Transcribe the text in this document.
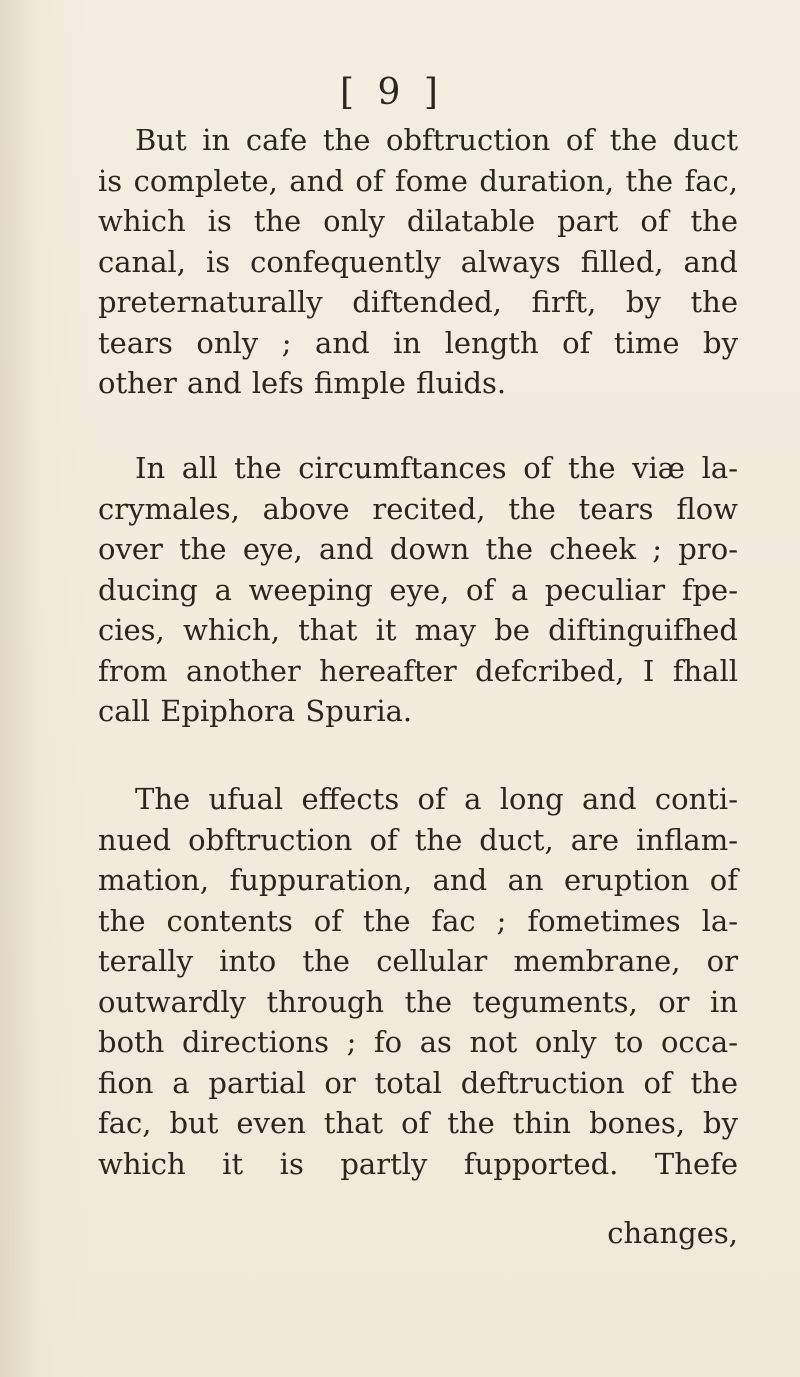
[ 9 ]
But in cafe the obftruction of the duct
is complete, and of fome duration, the fac,
which is the only dilatable part of the
canal, is confequently always filled, and
preternaturally diftended, firft, by the
tears only ; and in length of time by
other and lefs fimple fluids.
In all the circumftances of the viæ la-
crymales, above recited, the tears flow
over the eye, and down the cheek ; pro-
ducing a weeping eye, of a peculiar fpe-
cies, which, that it may be diftinguifhed
from another hereafter defcribed, I fhall
call Epiphora Spuria.
The ufual effects of a long and conti-
nued obftruction of the duct, are inflam-
mation, fuppuration, and an eruption of
the contents of the fac ; fometimes la-
terally into the cellular membrane, or
outwardly through the teguments, or in
both directions ; fo as not only to occa-
fion a partial or total deftruction of the
fac, but even that of the thin bones, by
which it is partly fupported. Thefe
changes,
